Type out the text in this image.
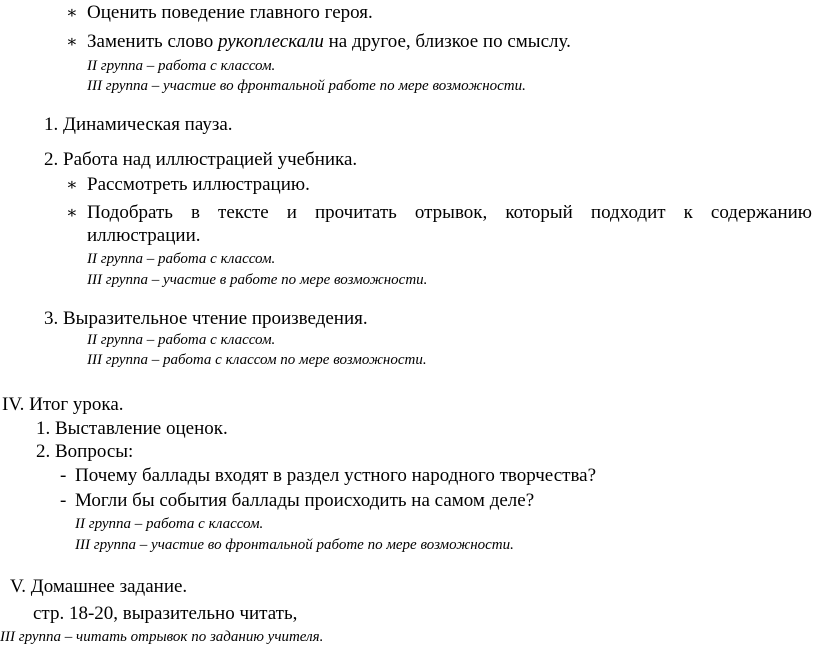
∗ Оценить поведение главного героя.
∗ Заменить слово рукоплескали на другое, близкое по смыслу.
II группа – работа с классом.
III группа – участие во фронтальной работе по мере возможности.
1. Динамическая пауза.
2. Работа над иллюстрацией учебника.
∗ Рассмотреть иллюстрацию.
∗ Подобрать в тексте и прочитать отрывок, который подходит к содержанию
иллюстрации.
II группа – работа с классом.
III группа – участие в работе по мере возможности.
3. Выразительное чтение произведения.
II группа – работа с классом.
III группа – работа с классом по мере возможности.
IV. Итог урока.
1. Выставление оценок.
2. Вопросы:
- Почему баллады входят в раздел устного народного творчества?
- Могли бы события баллады происходить на самом деле?
II группа – работа с классом.
III группа – участие во фронтальной работе по мере возможности.
V. Домашнее задание.
стр. 18-20, выразительно читать,
III группа – читать отрывок по заданию учителя.
